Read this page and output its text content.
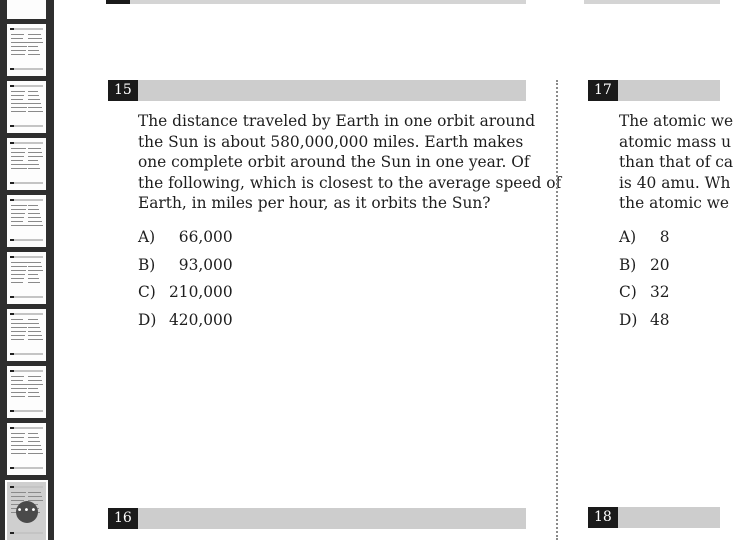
•••
15
The distance traveled by Earth in one orbit around
the Sun is about 580,000,000 miles. Earth makes
one complete orbit around the Sun in one year. Of
the following, which is closest to the average speed of
Earth, in miles per hour, as it orbits the Sun?
A)  66,000
B)  93,000
C) 210,000
D) 420,000
17
The atomic we
atomic mass u
than that of ca
is 40 amu. Wh
the atomic we
A)  8
B) 20
C) 32
D) 48
16	18
